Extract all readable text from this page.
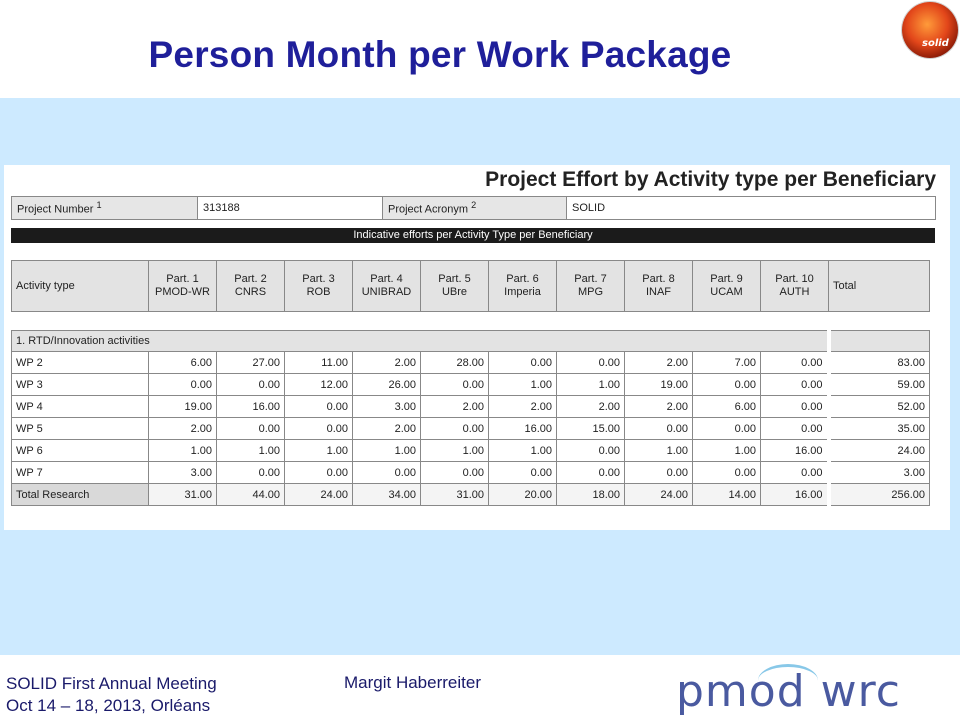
Person Month per Work Package	solid
Project Effort by Activity type per Beneficiary
Project Number $^1$	313188	Project Acronym $^2$	SOLID
Indicative efforts per Activity Type per Beneficiary
Activity type	Part. 1 PMOD-WR	Part. 2 CNRS	Part. 3 ROB	Part. 4 UNIBRAD	Part. 5 UBre	Part. 6 Imperia	Part. 7 MPG	Part. 8 INAF	Part. 9 UCAM	Part. 10 AUTH	Total

1. RTD/Innovation activities											
WP 2	6.00	27.00	11.00	2.00	28.00	0.00	0.00	2.00	7.00	0.00	83.00
WP 3	0.00	0.00	12.00	26.00	0.00	1.00	1.00	19.00	0.00	0.00	59.00
WP 4	19.00	16.00	0.00	3.00	2.00	2.00	2.00	2.00	6.00	0.00	52.00
WP 5	2.00	0.00	0.00	2.00	0.00	16.00	15.00	0.00	0.00	0.00	35.00
WP 6	1.00	1.00	1.00	1.00	1.00	1.00	0.00	1.00	1.00	16.00	24.00
WP 7	3.00	0.00	0.00	0.00	0.00	0.00	0.00	0.00	0.00	0.00	3.00
Total Research	31.00	44.00	24.00	34.00	31.00	20.00	18.00	24.00	14.00	16.00	256.00
SOLID First Annual Meeting
Oct 14 – 18, 2013, Orléans
Margit Haberreiter	pmod wrc
